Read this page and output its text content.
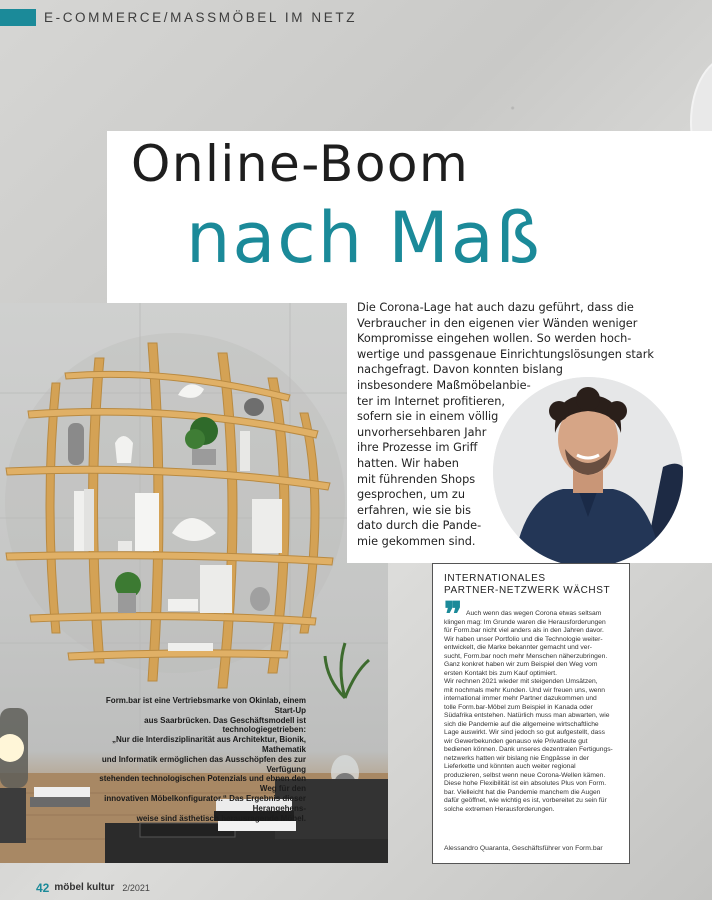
E-COMMERCE/MASSMÖBEL IM NETZ
Online-Boom
nach Maß
Form.bar ist eine Vertriebsmarke von Okinlab, einem Start-Up
aus Saarbrücken. Das Geschäftsmodell ist technologiegetrieben:
„Nur die Interdisziplinarität aus Architektur, Bionik, Mathematik
und Informatik ermöglichen das Ausschöpfen des zur Verfügung
stehenden technologischen Potenzials und ebnen den Weg für den
innovativen Möbelkonfigurator.“ Das Ergebnis dieser Herangehens-
weise sind ästhetisch herausragende Möbel.
Die Corona-Lage hat auch dazu geführt, dass die
Verbraucher in den eigenen vier Wänden weniger
Kompromisse eingehen wollen. So werden hoch-
wertige und passgenaue Einrichtungslösungen stark
nachgefragt. Davon konnten bislang
insbesondere Maßmöbelanbie-
ter im Internet profitieren,
sofern sie in einem völlig
unvorhersehbaren Jahr
ihre Prozesse im Griff
hatten. Wir haben
mit führenden Shops
gesprochen, um zu
erfahren, wie sie bis
dato durch die Pande-
mie gekommen sind.
INTERNATIONALES
PARTNER-NETZWERK WÄCHST
❞ Auch wenn das wegen Corona etwas seltsam
klingen mag: Im Grunde waren die Herausforderungen
für Form.bar nicht viel anders als in den Jahren davor.
Wir haben unser Portfolio und die Technologie weiter-
entwickelt, die Marke bekannter gemacht und ver-
sucht, Form.bar noch mehr Menschen näherzubringen.
Ganz konkret haben wir zum Beispiel den Weg vom
ersten Kontakt bis zum Kauf optimiert.
Wir rechnen 2021 wieder mit steigenden Umsätzen,
mit nochmals mehr Kunden. Und wir freuen uns, wenn
international immer mehr Partner dazukommen und
tolle Form.bar-Möbel zum Beispiel in Kanada oder
Südafrika entstehen. Natürlich muss man abwarten, wie
sich die Pandemie auf die allgemeine wirtschaftliche
Lage auswirkt. Wir sind jedoch so gut aufgestellt, dass
wir Gewerbekunden genauso wie Privatleute gut
bedienen können. Dank unseres dezentralen Fertigungs-
netzwerks hatten wir bislang nie Engpässe in der
Lieferkette und könnten auch weiter regional
produzieren, selbst wenn neue Corona-Wellen kämen.
Diese hohe Flexibilität ist ein absolutes Plus von Form.
bar. Vielleicht hat die Pandemie manchem die Augen
dafür geöffnet, wie wichtig es ist, vorbereitet zu sein für
solche extremen Herausforderungen.
Alessandro Quaranta, Geschäftsführer von Form.bar
42 möbel kultur 2/2021
